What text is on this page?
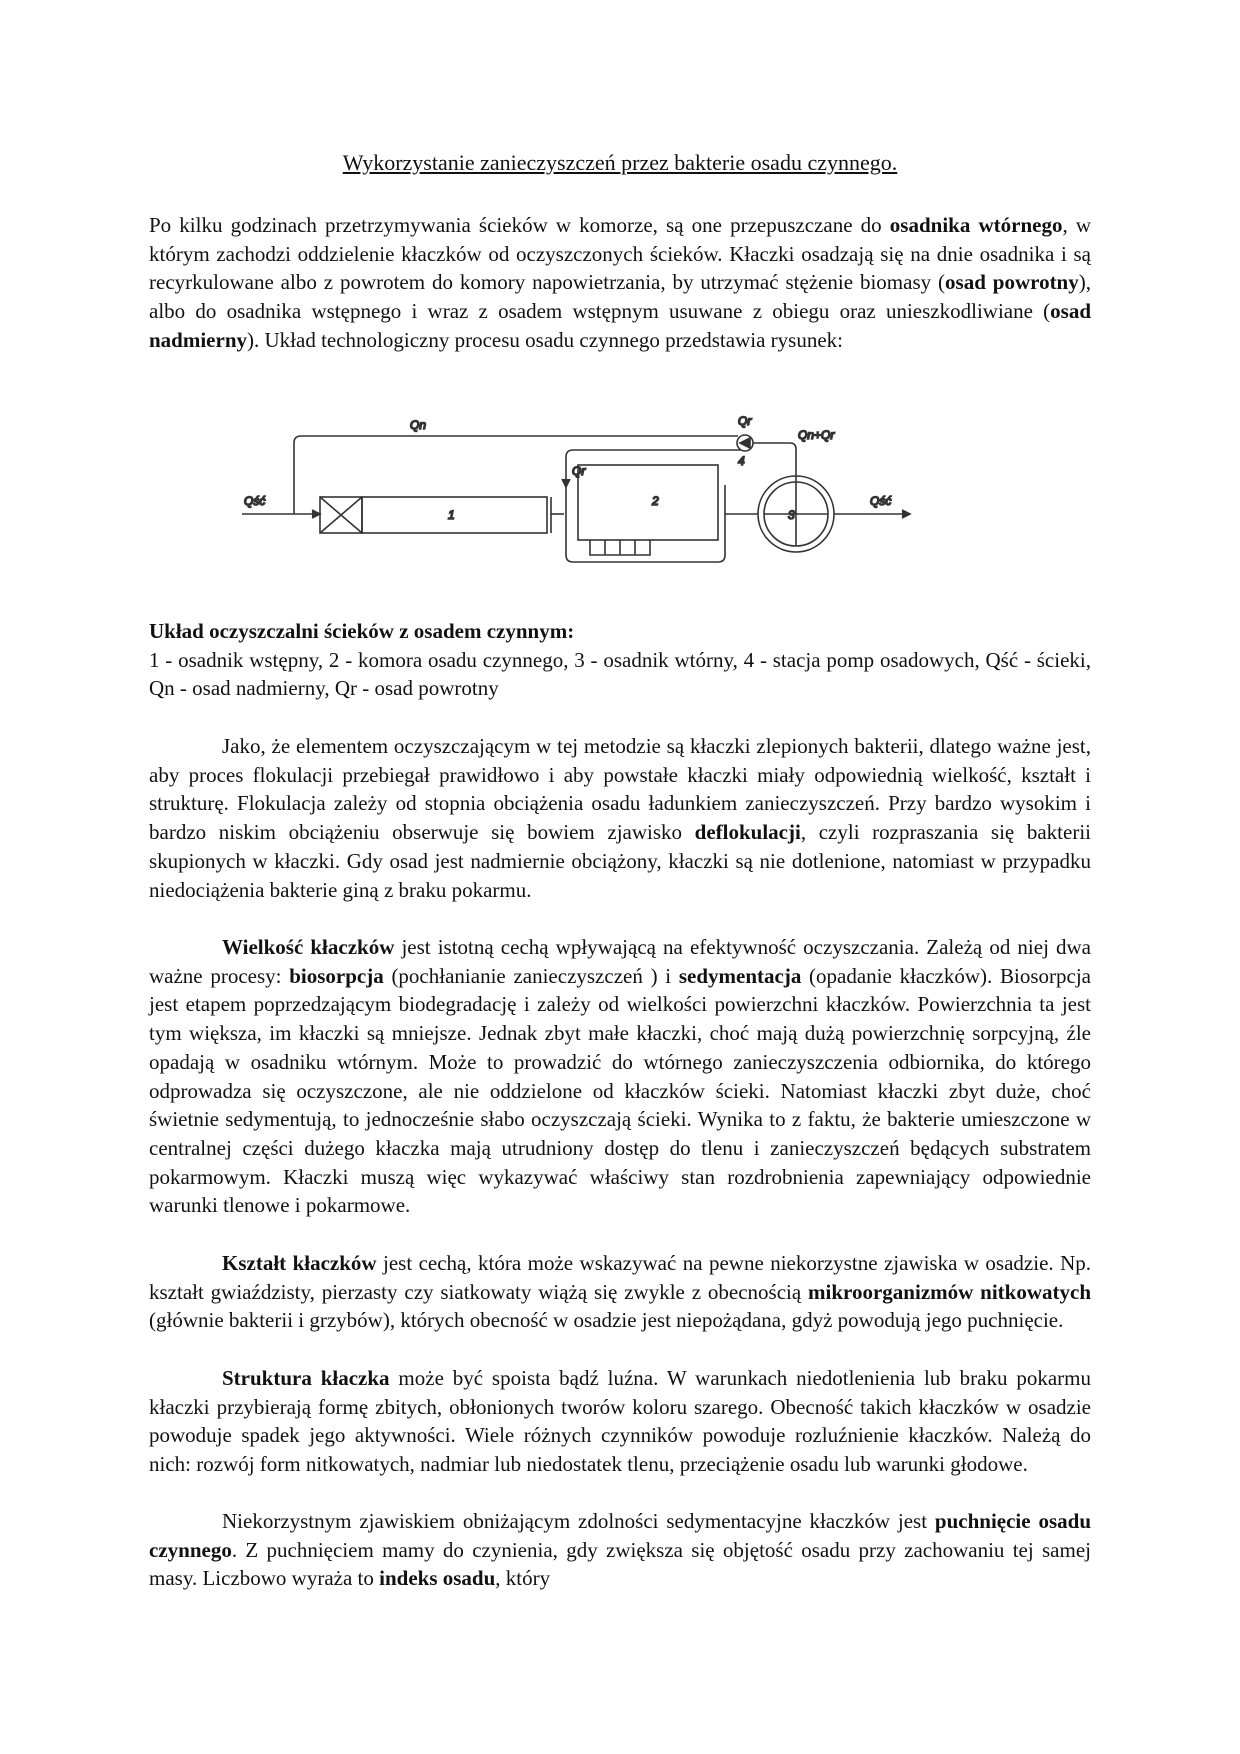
Wykorzystanie zanieczyszczeń przez bakterie osadu czynnego.

Po kilku godzinach przetrzymywania ścieków w komorze, są one przepuszczane do osadnika wtórnego, w którym zachodzi oddzielenie kłaczków od oczyszczonych ścieków. Kłaczki osadzają się na dnie osadnika i są recyrkulowane albo z powrotem do komory napowietrzania, by utrzymać stężenie biomasy (osad powrotny), albo do osadnika wstępnego i wraz z osadem wstępnym usuwane z obiegu oraz unieszkodliwiane (osad nadmierny). Układ technologiczny procesu osadu czynnego przedstawia rysunek:

Qn	Qr
Qn+Qr
Qr
Qść	Qść
1
2
3
4

Układ oczyszczalni ścieków z osadem czynnym:
1 - osadnik wstępny, 2 - komora osadu czynnego, 3 - osadnik wtórny, 4 - stacja pomp osadowych, Qść - ścieki, Qn - osad nadmierny, Qr - osad powrotny

Jako, że elementem oczyszczającym w tej metodzie są kłaczki zlepionych bakterii, dlatego ważne jest, aby proces flokulacji przebiegał prawidłowo i aby powstałe kłaczki miały odpowiednią wielkość, kształt i strukturę. Flokulacja zależy od stopnia obciążenia osadu ładunkiem zanieczyszczeń. Przy bardzo wysokim i bardzo niskim obciążeniu obserwuje się bowiem zjawisko deflokulacji, czyli rozpraszania się bakterii skupionych w kłaczki. Gdy osad jest nadmiernie obciążony, kłaczki są nie dotlenione, natomiast w przypadku niedociążenia bakterie giną z braku pokarmu.

Wielkość kłaczków jest istotną cechą wpływającą na efektywność oczyszczania. Zależą od niej dwa ważne procesy: biosorpcja (pochłanianie zanieczyszczeń ) i sedymentacja (opadanie kłaczków). Biosorpcja jest etapem poprzedzającym biodegradację i zależy od wielkości powierzchni kłaczków. Powierzchnia ta jest tym większa, im kłaczki są mniejsze. Jednak zbyt małe kłaczki, choć mają dużą powierzchnię sorpcyjną, źle opadają w osadniku wtórnym. Może to prowadzić do wtórnego zanieczyszczenia odbiornika, do którego odprowadza się oczyszczone, ale nie oddzielone od kłaczków ścieki. Natomiast kłaczki zbyt duże, choć świetnie sedymentują, to jednocześnie słabo oczyszczają ścieki. Wynika to z faktu, że bakterie umieszczone w centralnej części dużego kłaczka mają utrudniony dostęp do tlenu i zanieczyszczeń będących substratem pokarmowym. Kłaczki muszą więc wykazywać właściwy stan rozdrobnienia zapewniający odpowiednie warunki tlenowe i pokarmowe.

Kształt kłaczków jest cechą, która może wskazywać na pewne niekorzystne zjawiska w osadzie. Np. kształt gwiaździsty, pierzasty czy siatkowaty wiążą się zwykle z obecnością mikroorganizmów nitkowatych (głównie bakterii i grzybów), których obecność w osadzie jest niepożądana, gdyż powodują jego puchnięcie.

Struktura kłaczka może być spoista bądź luźna. W warunkach niedotlenienia lub braku pokarmu kłaczki przybierają formę zbitych, obłonionych tworów koloru szarego. Obecność takich kłaczków w osadzie powoduje spadek jego aktywności. Wiele różnych czynników powoduje rozluźnienie kłaczków. Należą do nich: rozwój form nitkowatych, nadmiar lub niedostatek tlenu, przeciążenie osadu lub warunki głodowe.

Niekorzystnym zjawiskiem obniżającym zdolności sedymentacyjne kłaczków jest puchnięcie osadu czynnego. Z puchnięciem mamy do czynienia, gdy zwiększa się objętość osadu przy zachowaniu tej samej masy. Liczbowo wyraża to indeks osadu, który
